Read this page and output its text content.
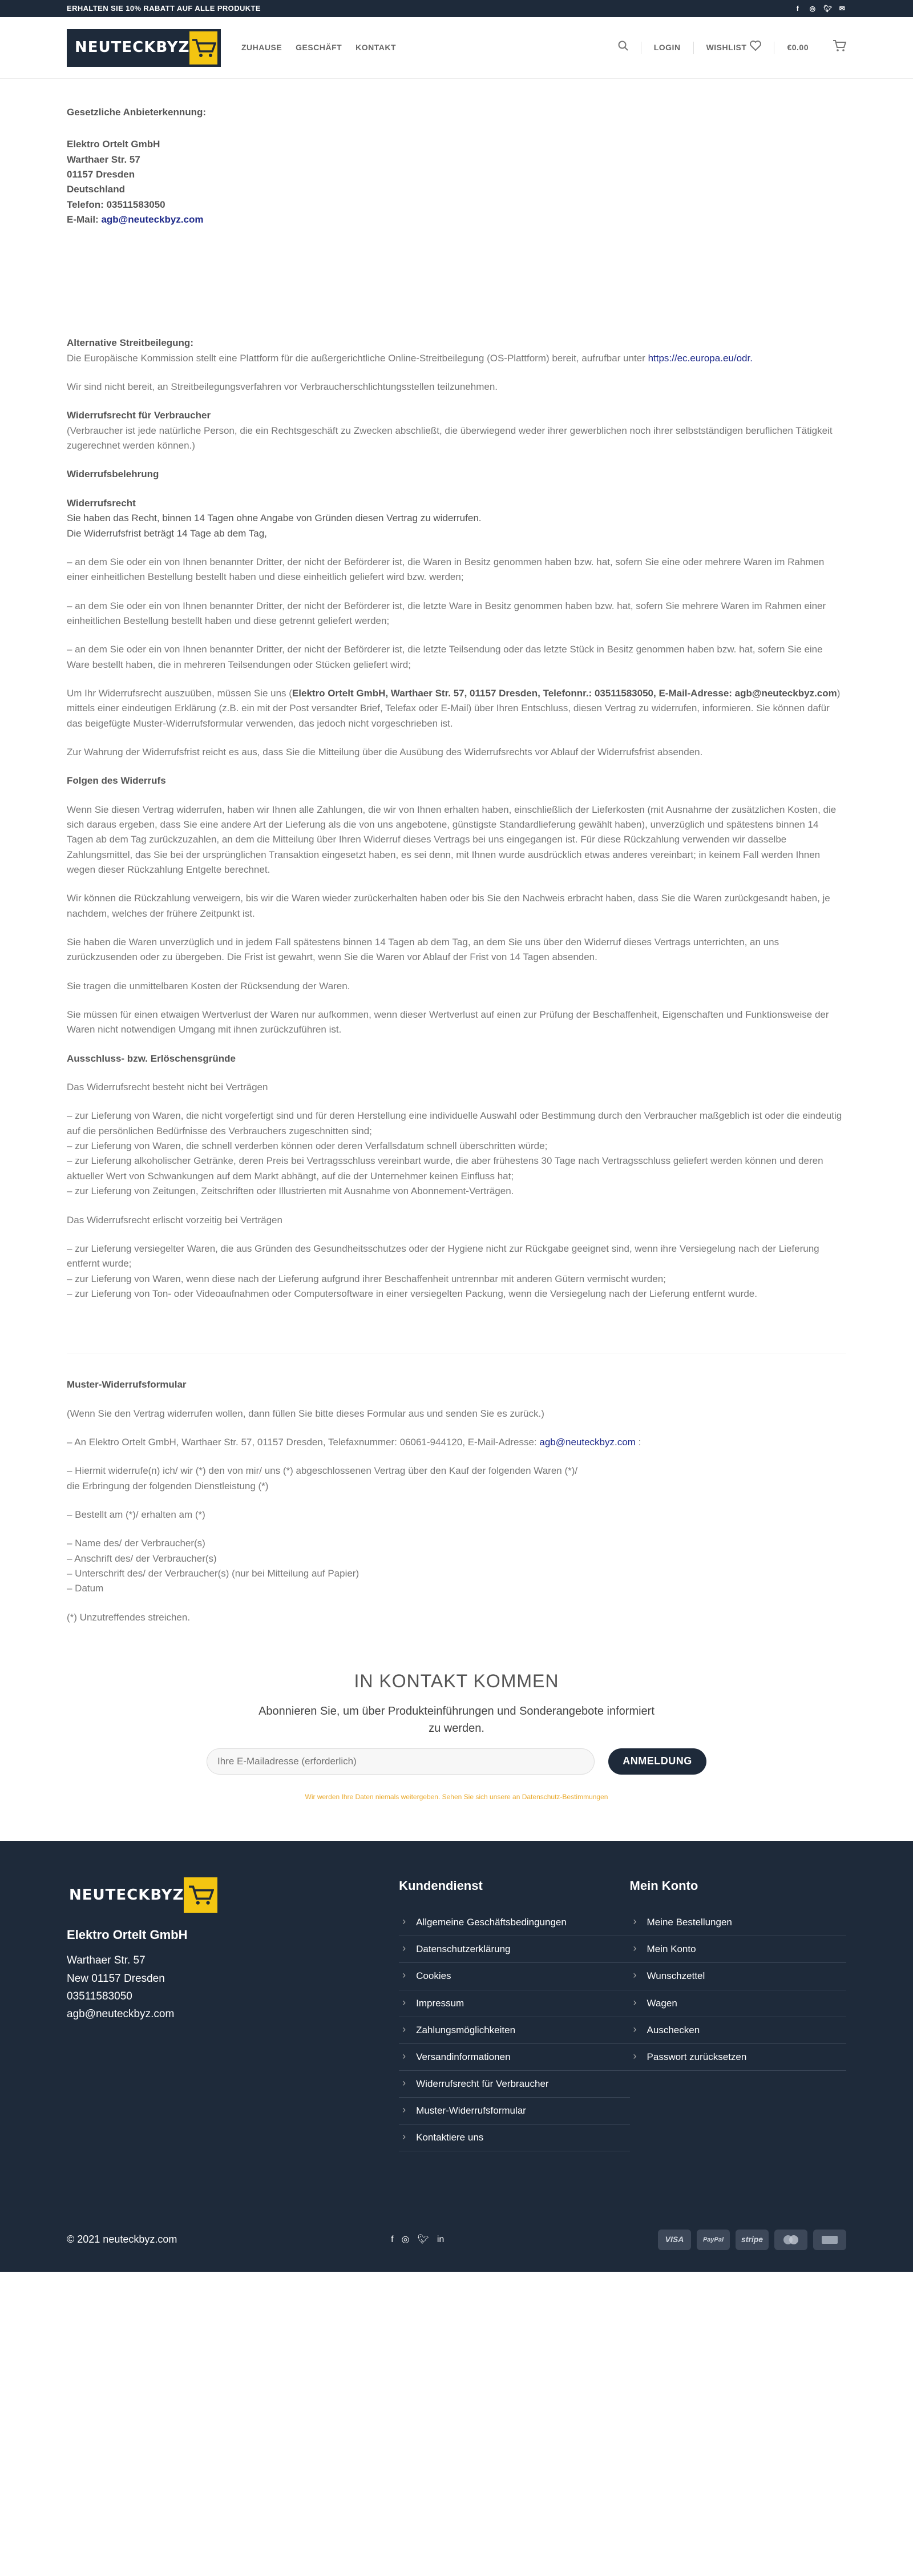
ERHALTEN SIE 10% RABATT AUF ALLE PRODUKTE	f	◎ 🐦︎ ✉
NEUTECKBYZ	ZUHAUSE GESCHÄFT KONTAKT	LOGIN	WISHLIST	€0.00

Gesetzliche Anbieterkennung:

Elektro Ortelt GmbH
Warthaer Str. 57
01157 Dresden
Deutschland
Telefon: 03511583050
E-Mail: agb@neuteckbyz.com

Alternative Streitbeilegung:
Die Europäische Kommission stellt eine Plattform für die außergerichtliche Online-Streitbeilegung (OS-Plattform) bereit, aufrufbar unter https://ec.europa.eu/odr.

Wir sind nicht bereit, an Streitbeilegungsverfahren vor Verbraucherschlichtungsstellen teilzunehmen.

Widerrufsrecht für Verbraucher
(Verbraucher ist jede natürliche Person, die ein Rechtsgeschäft zu Zwecken abschließt, die überwiegend weder ihrer gewerblichen noch ihrer selbstständigen beruflichen Tätigkeit zugerechnet werden können.)

Widerrufsbelehrung

Widerrufsrecht
Sie haben das Recht, binnen 14 Tagen ohne Angabe von Gründen diesen Vertrag zu widerrufen.
Die Widerrufsfrist beträgt 14 Tage ab dem Tag,

– an dem Sie oder ein von Ihnen benannter Dritter, der nicht der Beförderer ist, die Waren in Besitz genommen haben bzw. hat, sofern Sie eine oder mehrere Waren im Rahmen einer einheitlichen Bestellung bestellt haben und diese einheitlich geliefert wird bzw. werden;

– an dem Sie oder ein von Ihnen benannter Dritter, der nicht der Beförderer ist, die letzte Ware in Besitz genommen haben bzw. hat, sofern Sie mehrere Waren im Rahmen einer einheitlichen Bestellung bestellt haben und diese getrennt geliefert werden;

– an dem Sie oder ein von Ihnen benannter Dritter, der nicht der Beförderer ist, die letzte Teilsendung oder das letzte Stück in Besitz genommen haben bzw. hat, sofern Sie eine Ware bestellt haben, die in mehreren Teilsendungen oder Stücken geliefert wird;

Um Ihr Widerrufsrecht auszuüben, müssen Sie uns (Elektro Ortelt GmbH, Warthaer Str. 57, 01157 Dresden, Telefonnr.: 03511583050, E-Mail-Adresse: agb@neuteckbyz.com) mittels einer eindeutigen Erklärung (z.B. ein mit der Post versandter Brief, Telefax oder E-Mail) über Ihren Entschluss, diesen Vertrag zu widerrufen, informieren. Sie können dafür das beigefügte Muster-Widerrufsformular verwenden, das jedoch nicht vorgeschrieben ist.

Zur Wahrung der Widerrufsfrist reicht es aus, dass Sie die Mitteilung über die Ausübung des Widerrufsrechts vor Ablauf der Widerrufsfrist absenden.

Folgen des Widerrufs

Wenn Sie diesen Vertrag widerrufen, haben wir Ihnen alle Zahlungen, die wir von Ihnen erhalten haben, einschließlich der Lieferkosten (mit Ausnahme der zusätzlichen Kosten, die sich daraus ergeben, dass Sie eine andere Art der Lieferung als die von uns angebotene, günstigste Standardlieferung gewählt haben), unverzüglich und spätestens binnen 14 Tagen ab dem Tag zurückzuzahlen, an dem die Mitteilung über Ihren Widerruf dieses Vertrags bei uns eingegangen ist. Für diese Rückzahlung verwenden wir dasselbe Zahlungsmittel, das Sie bei der ursprünglichen Transaktion eingesetzt haben, es sei denn, mit Ihnen wurde ausdrücklich etwas anderes vereinbart; in keinem Fall werden Ihnen wegen dieser Rückzahlung Entgelte berechnet.

Wir können die Rückzahlung verweigern, bis wir die Waren wieder zurückerhalten haben oder bis Sie den Nachweis erbracht haben, dass Sie die Waren zurückgesandt haben, je nachdem, welches der frühere Zeitpunkt ist.

Sie haben die Waren unverzüglich und in jedem Fall spätestens binnen 14 Tagen ab dem Tag, an dem Sie uns über den Widerruf dieses Vertrags unterrichten, an uns zurückzusenden oder zu übergeben. Die Frist ist gewahrt, wenn Sie die Waren vor Ablauf der Frist von 14 Tagen absenden.

Sie tragen die unmittelbaren Kosten der Rücksendung der Waren.

Sie müssen für einen etwaigen Wertverlust der Waren nur aufkommen, wenn dieser Wertverlust auf einen zur Prüfung der Beschaffenheit, Eigenschaften und Funktionsweise der Waren nicht notwendigen Umgang mit ihnen zurückzuführen ist.

Ausschluss- bzw. Erlöschensgründe

Das Widerrufsrecht besteht nicht bei Verträgen

– zur Lieferung von Waren, die nicht vorgefertigt sind und für deren Herstellung eine individuelle Auswahl oder Bestimmung durch den Verbraucher maßgeblich ist oder die eindeutig auf die persönlichen Bedürfnisse des Verbrauchers zugeschnitten sind;
– zur Lieferung von Waren, die schnell verderben können oder deren Verfallsdatum schnell überschritten würde;
– zur Lieferung alkoholischer Getränke, deren Preis bei Vertragsschluss vereinbart wurde, die aber frühestens 30 Tage nach Vertragsschluss geliefert werden können und deren aktueller Wert von Schwankungen auf dem Markt abhängt, auf die der Unternehmer keinen Einfluss hat;
– zur Lieferung von Zeitungen, Zeitschriften oder Illustrierten mit Ausnahme von Abonnement-Verträgen.

Das Widerrufsrecht erlischt vorzeitig bei Verträgen

– zur Lieferung versiegelter Waren, die aus Gründen des Gesundheitsschutzes oder der Hygiene nicht zur Rückgabe geeignet sind, wenn ihre Versiegelung nach der Lieferung entfernt wurde;
– zur Lieferung von Waren, wenn diese nach der Lieferung aufgrund ihrer Beschaffenheit untrennbar mit anderen Gütern vermischt wurden;
– zur Lieferung von Ton- oder Videoaufnahmen oder Computersoftware in einer versiegelten Packung, wenn die Versiegelung nach der Lieferung entfernt wurde.

Muster-Widerrufsformular

(Wenn Sie den Vertrag widerrufen wollen, dann füllen Sie bitte dieses Formular aus und senden Sie es zurück.)

– An Elektro Ortelt GmbH, Warthaer Str. 57, 01157 Dresden, Telefaxnummer: 06061-944120, E-Mail-Adresse: agb@neuteckbyz.com :

– Hiermit widerrufe(n) ich/ wir (*) den von mir/ uns (*) abgeschlossenen Vertrag über den Kauf der folgenden Waren (*)/
die Erbringung der folgenden Dienstleistung (*)

– Bestellt am (*)/ erhalten am (*)

– Name des/ der Verbraucher(s)
– Anschrift des/ der Verbraucher(s)
– Unterschrift des/ der Verbraucher(s) (nur bei Mitteilung auf Papier)
– Datum

(*) Unzutreffendes streichen.

IN KONTAKT KOMMEN
Abonnieren Sie, um über Produkteinführungen und Sonderangebote informiert zu werden.
Ihre E-Mailadresse (erforderlich)
ANMELDUNG
Wir werden Ihre Daten niemals weitergeben. Sehen Sie sich unsere an Datenschutz-Bestimmungen
NEUTECKBYZ
Elektro Ortelt GmbH
Warthaer Str. 57
New 01157 Dresden
03511583050
agb@neuteckbyz.com
Kundendienst
› Allgemeine Geschäftsbedingungen
› Datenschutzerklärung
› Cookies
› Impressum
› Zahlungsmöglichkeiten
› Versandinformationen
› Widerrufsrecht für Verbraucher
› Muster-Widerrufsformular
› Kontaktiere uns
Mein Konto
› Meine Bestellungen
› Mein Konto
› Wunschzettel
› Wagen
› Auschecken
› Passwort zurücksetzen
© 2021 neuteckbyz.com	f ◎ 🐦︎ in	VISA	PayPal	stripe
